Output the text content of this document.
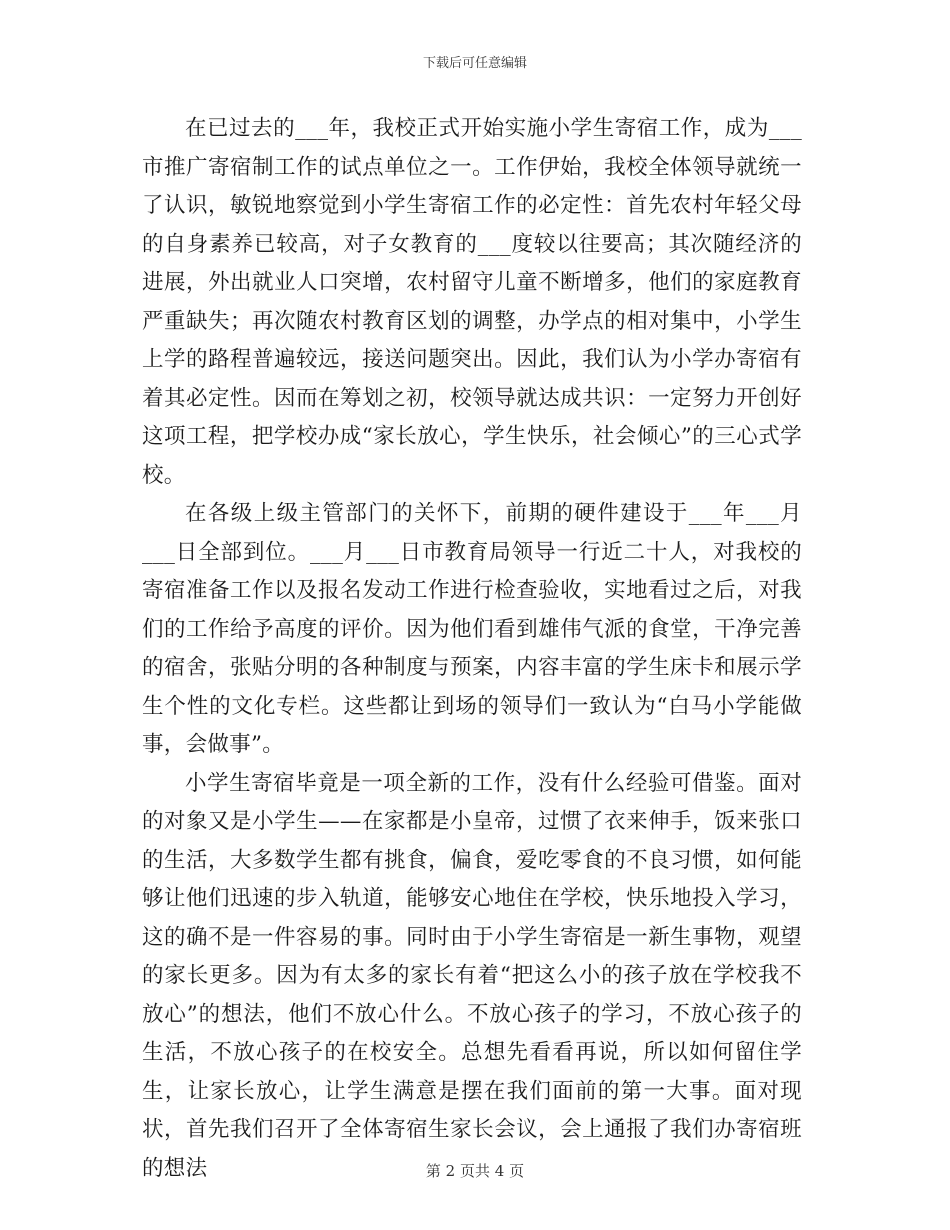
下载后可任意编辑

在已过去的___年，我校正式开始实施小学生寄宿工作，成为___市推广寄宿制工作的试点单位之一。工作伊始，我校全体领导就统一了认识，敏锐地察觉到小学生寄宿工作的必定性：首先农村年轻父母的自身素养已较高，对子女教育的___度较以往要高；其次随经济的进展，外出就业人口突增，农村留守儿童不断增多，他们的家庭教育严重缺失；再次随农村教育区划的调整，办学点的相对集中，小学生上学的路程普遍较远，接送问题突出。因此，我们认为小学办寄宿有着其必定性。因而在筹划之初，校领导就达成共识：一定努力开创好这项工程，把学校办成“家长放心，学生快乐，社会倾心”的三心式学校。

在各级上级主管部门的关怀下，前期的硬件建设于___年___月___日全部到位。___月___日市教育局领导一行近二十人，对我校的寄宿准备工作以及报名发动工作进行检查验收，实地看过之后，对我们的工作给予高度的评价。因为他们看到雄伟气派的食堂，干净完善的宿舍，张贴分明的各种制度与预案，内容丰富的学生床卡和展示学生个性的文化专栏。这些都让到场的领导们一致认为“白马小学能做事，会做事”。

小学生寄宿毕竟是一项全新的工作，没有什么经验可借鉴。面对的对象又是小学生——在家都是小皇帝，过惯了衣来伸手，饭来张口的生活，大多数学生都有挑食，偏食，爱吃零食的不良习惯，如何能够让他们迅速的步入轨道，能够安心地住在学校，快乐地投入学习，这的确不是一件容易的事。同时由于小学生寄宿是一新生事物，观望的家长更多。因为有太多的家长有着“把这么小的孩子放在学校我不放心”的想法，他们不放心什么。不放心孩子的学习，不放心孩子的生活，不放心孩子的在校安全。总想先看看再说，所以如何留住学生，让家长放心，让学生满意是摆在我们面前的第一大事。面对现状，首先我们召开了全体寄宿生家长会议，会上通报了我们办寄宿班的想法	第 2 页共 4 页
